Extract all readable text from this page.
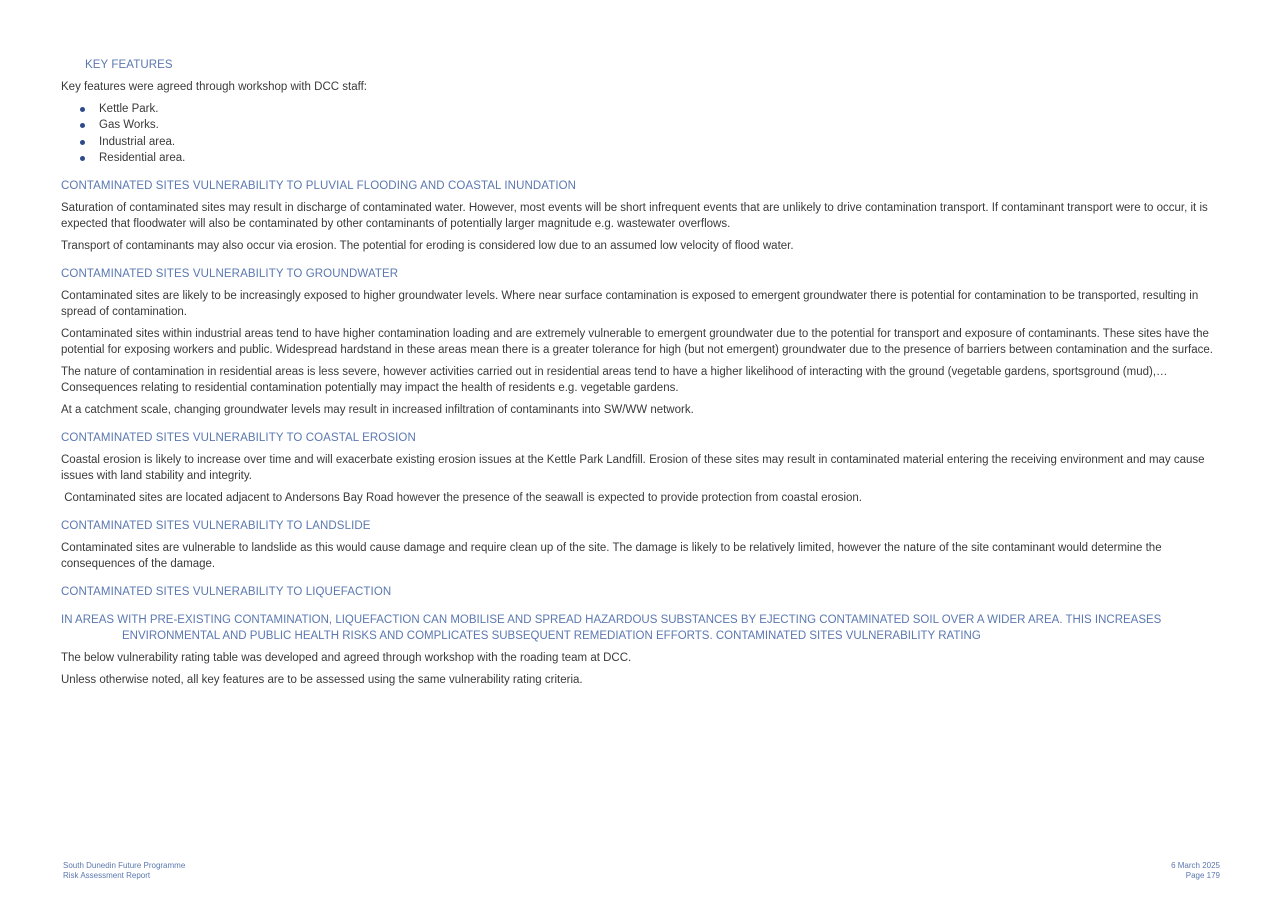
KEY FEATURES

Key features were agreed through workshop with DCC staff:

Kettle Park.
Gas Works.
Industrial area.
Residential area.

CONTAMINATED SITES VULNERABILITY TO PLUVIAL FLOODING AND COASTAL INUNDATION

Saturation of contaminated sites may result in discharge of contaminated water. However, most events will be short infrequent events that are unlikely to drive contamination transport. If contaminant transport were to occur, it is expected that floodwater will also be contaminated by other contaminants of potentially larger magnitude e.g. wastewater overflows.

Transport of contaminants may also occur via erosion. The potential for eroding is considered low due to an assumed low velocity of flood water.

CONTAMINATED SITES VULNERABILITY TO GROUNDWATER

Contaminated sites are likely to be increasingly exposed to higher groundwater levels. Where near surface contamination is exposed to emergent groundwater there is potential for contamination to be transported, resulting in spread of contamination.

Contaminated sites within industrial areas tend to have higher contamination loading and are extremely vulnerable to emergent groundwater due to the potential for transport and exposure of contaminants. These sites have the potential for exposing workers and public. Widespread hardstand in these areas mean there is a greater tolerance for high (but not emergent) groundwater due to the presence of barriers between contamination and the surface.

The nature of contamination in residential areas is less severe, however activities carried out in residential areas tend to have a higher likelihood of interacting with the ground (vegetable gardens, sportsground (mud),… Consequences relating to residential contamination potentially may impact the health of residents e.g. vegetable gardens.

At a catchment scale, changing groundwater levels may result in increased infiltration of contaminants into SW/WW network.

CONTAMINATED SITES VULNERABILITY TO COASTAL EROSION

Coastal erosion is likely to increase over time and will exacerbate existing erosion issues at the Kettle Park Landfill. Erosion of these sites may result in contaminated material entering the receiving environment and may cause issues with land stability and integrity.

Contaminated sites are located adjacent to Andersons Bay Road however the presence of the seawall is expected to provide protection from coastal erosion.

CONTAMINATED SITES VULNERABILITY TO LANDSLIDE

Contaminated sites are vulnerable to landslide as this would cause damage and require clean up of the site. The damage is likely to be relatively limited, however the nature of the site contaminant would determine the consequences of the damage.

CONTAMINATED SITES VULNERABILITY TO LIQUEFACTION

IN AREAS WITH PRE-EXISTING CONTAMINATION, LIQUEFACTION CAN MOBILISE AND SPREAD HAZARDOUS SUBSTANCES BY EJECTING CONTAMINATED SOIL OVER A WIDER AREA. THIS INCREASES
ENVIRONMENTAL AND PUBLIC HEALTH RISKS AND COMPLICATES SUBSEQUENT REMEDIATION EFFORTS. CONTAMINATED SITES VULNERABILITY RATING

The below vulnerability rating table was developed and agreed through workshop with the roading team at DCC.

Unless otherwise noted, all key features are to be assessed using the same vulnerability rating criteria.

South Dunedin Future Programme
Risk Assessment Report
6 March 2025
Page 179
